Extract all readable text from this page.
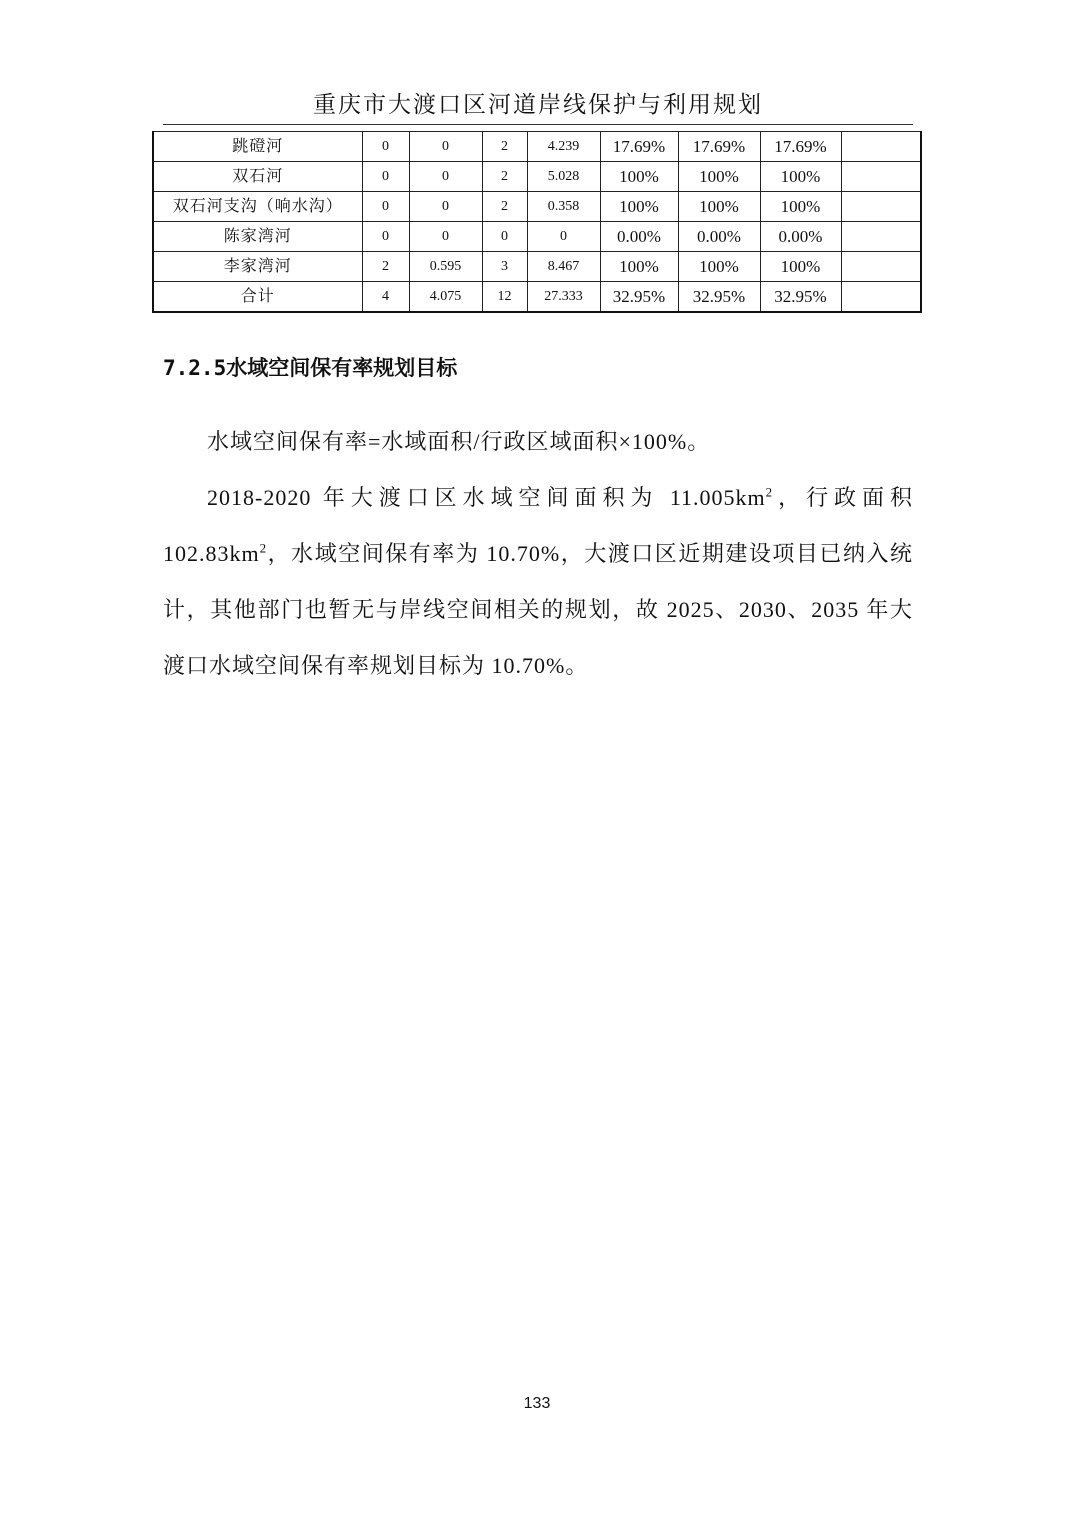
重庆市大渡口区河道岸线保护与利用规划
跳磴河	0	0	2	4.239	17.69%	17.69%	17.69%	
双石河	0	0	2	5.028	100%	100%	100%	
双石河支沟（响水沟）	0	0	2	0.358	100%	100%	100%	
陈家湾河	0	0	0	0	0.00%	0.00%	0.00%	
李家湾河	2	0.595	3	8.467	100%	100%	100%	
合计	4	4.075	12	27.333	32.95%	32.95%	32.95%	
7.2.5水域空间保有率规划目标

水域空间保有率=水域面积/行政区域面积×100%。

2018-2020 年大渡口区水域空间面积为 $11.005km^2$，行政面积 $102.83km^2$，水域空间保有率为 10.70%，大渡口区近期建设项目已纳入统计，其他部门也暂无与岸线空间相关的规划，故 2025、2030、2035 年大渡口水域空间保有率规划目标为 10.70%。

133
